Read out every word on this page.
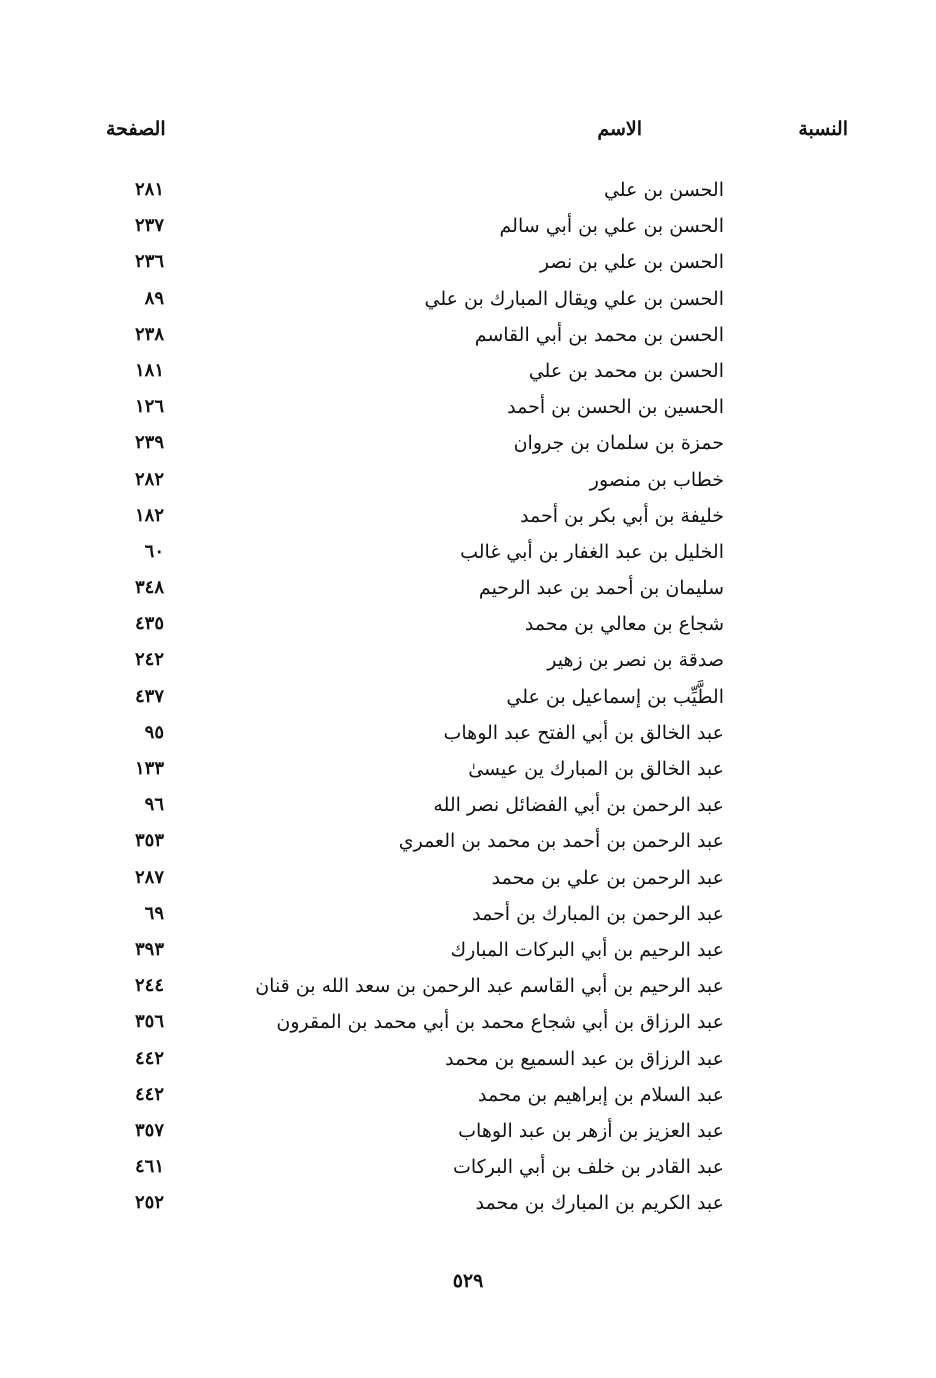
النسبة
الاسم
الصفحة
الحسن بن علي
٢٨١
الحسن بن علي بن أبي سالم
٢٣٧
الحسن بن علي بن نصر
٢٣٦
الحسن بن علي ويقال المبارك بن علي
٨٩
الحسن بن محمد بن أبي القاسم
٢٣٨
الحسن بن محمد بن علي
١٨١
الحسين بن الحسن بن أحمد
١٢٦
حمزة بن سلمان بن جروان
٢٣٩
خطاب بن منصور
٢٨٢
خليفة بن أبي بكر بن أحمد
١٨٢
الخليل بن عبد الغفار بن أبي غالب
٦٠
سليمان بن أحمد بن عبد الرحيم
٣٤٨
شجاع بن معالي بن محمد
٤٣٥
صدقة بن نصر بن زهير
٢٤٢
الطَّيِّب بن إسماعيل بن علي
٤٣٧
عبد الخالق بن أبي الفتح عبد الوهاب
٩٥
عبد الخالق بن المبارك ين عيسىٰ
١٣٣
عبد الرحمن بن أبي الفضائل نصر الله
٩٦
عبد الرحمن بن أحمد بن محمد بن العمري
٣٥٣
عبد الرحمن بن علي بن محمد
٢٨٧
عبد الرحمن بن المبارك بن أحمد
٦٩
عبد الرحيم بن أبي البركات المبارك
٣٩٣
عبد الرحيم بن أبي القاسم عبد الرحمن بن سعد الله بن قنان
٢٤٤
عبد الرزاق بن أبي شجاع محمد بن أبي محمد بن المقرون
٣٥٦
عبد الرزاق بن عبد السميع بن محمد
٤٤٢
عبد السلام بن إبراهيم بن محمد
٤٤٢
عبد العزيز بن أزهر بن عبد الوهاب
٣٥٧
عبد القادر بن خلف بن أبي البركات
٤٦١
عبد الكريم بن المبارك بن محمد
٢٥٢
٥٢٩
